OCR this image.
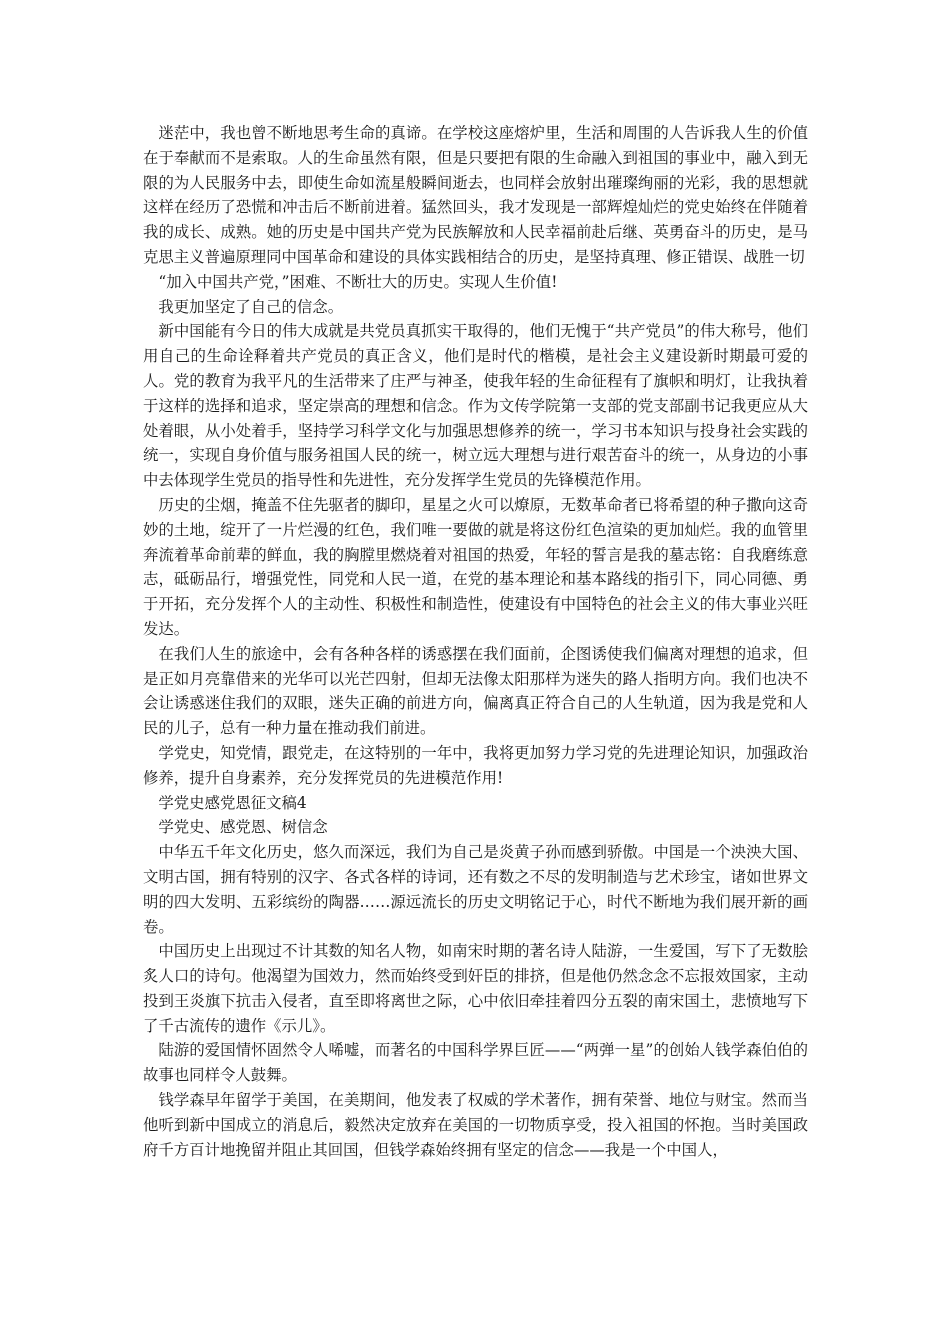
迷茫中，我也曾不断地思考生命的真谛。在学校这座熔炉里，生活和周围的人告诉我人生的价值在于奉献而不是索取。人的生命虽然有限，但是只要把有限的生命融入到祖国的事业中，融入到无限的为人民服务中去，即使生命如流星般瞬间逝去，也同样会放射出璀璨绚丽的光彩，我的思想就这样在经历了恐慌和冲击后不断前进着。猛然回头，我才发现是一部辉煌灿烂的党史始终在伴随着我的成长、成熟。她的历史是中国共产党为民族解放和人民幸福前赴后继、英勇奋斗的历史，是马克思主义普遍原理同中国革命和建设的具体实践相结合的历史，是坚持真理、修正错误、战胜一切

“加入中国共产党，”困难、不断壮大的历史。实现人生价值!

我更加坚定了自己的信念。

新中国能有今日的伟大成就是共党员真抓实干取得的，他们无愧于“共产党员”的伟大称号，他们用自己的生命诠释着共产党员的真正含义，他们是时代的楷模，是社会主义建设新时期最可爱的人。党的教育为我平凡的生活带来了庄严与神圣，使我年轻的生命征程有了旗帜和明灯，让我执着于这样的选择和追求，坚定崇高的理想和信念。作为文传学院第一支部的党支部副书记我更应从大处着眼，从小处着手，坚持学习科学文化与加强思想修养的统一，学习书本知识与投身社会实践的统一，实现自身价值与服务祖国人民的统一，树立远大理想与进行艰苦奋斗的统一，从身边的小事中去体现学生党员的指导性和先进性，充分发挥学生党员的先锋模范作用。

历史的尘烟，掩盖不住先驱者的脚印，星星之火可以燎原，无数革命者已将希望的种子撒向这奇妙的土地，绽开了一片烂漫的红色，我们唯一要做的就是将这份红色渲染的更加灿烂。我的血管里奔流着革命前辈的鲜血，我的胸膛里燃烧着对祖国的热爱，年轻的誓言是我的墓志铭：自我磨练意志，砥砺品行，增强党性，同党和人民一道，在党的基本理论和基本路线的指引下，同心同德、勇于开拓，充分发挥个人的主动性、积极性和制造性，使建设有中国特色的社会主义的伟大事业兴旺发达。

在我们人生的旅途中，会有各种各样的诱惑摆在我们面前，企图诱使我们偏离对理想的追求，但是正如月亮靠借来的光华可以光芒四射，但却无法像太阳那样为迷失的路人指明方向。我们也决不会让诱惑迷住我们的双眼，迷失正确的前进方向，偏离真正符合自己的人生轨道，因为我是党和人民的儿子，总有一种力量在推动我们前进。

学党史，知党情，跟党走，在这特别的一年中，我将更加努力学习党的先进理论知识，加强政治修养，提升自身素养，充分发挥党员的先进模范作用!

学党史感党恩征文稿4

学党史、感党恩、树信念

中华五千年文化历史，悠久而深远，我们为自己是炎黄子孙而感到骄傲。中国是一个泱泱大国、文明古国，拥有特别的汉字、各式各样的诗词，还有数之不尽的发明制造与艺术珍宝，诸如世界文明的四大发明、五彩缤纷的陶器……源远流长的历史文明铭记于心，时代不断地为我们展开新的画卷。

中国历史上出现过不计其数的知名人物，如南宋时期的著名诗人陆游，一生爱国，写下了无数脍炙人口的诗句。他渴望为国效力，然而始终受到奸臣的排挤，但是他仍然念念不忘报效国家，主动投到王炎旗下抗击入侵者，直至即将离世之际，心中依旧牵挂着四分五裂的南宋国土，悲愤地写下了千古流传的遗作《示儿》。

陆游的爱国情怀固然令人唏嘘，而著名的中国科学界巨匠——“两弹一星”的创始人钱学森伯伯的故事也同样令人鼓舞。

钱学森早年留学于美国，在美期间，他发表了权威的学术著作，拥有荣誉、地位与财宝。然而当他听到新中国成立的消息后，毅然决定放弃在美国的一切物质享受，投入祖国的怀抱。当时美国政府千方百计地挽留并阻止其回国，但钱学森始终拥有坚定的信念——我是一个中国人，
